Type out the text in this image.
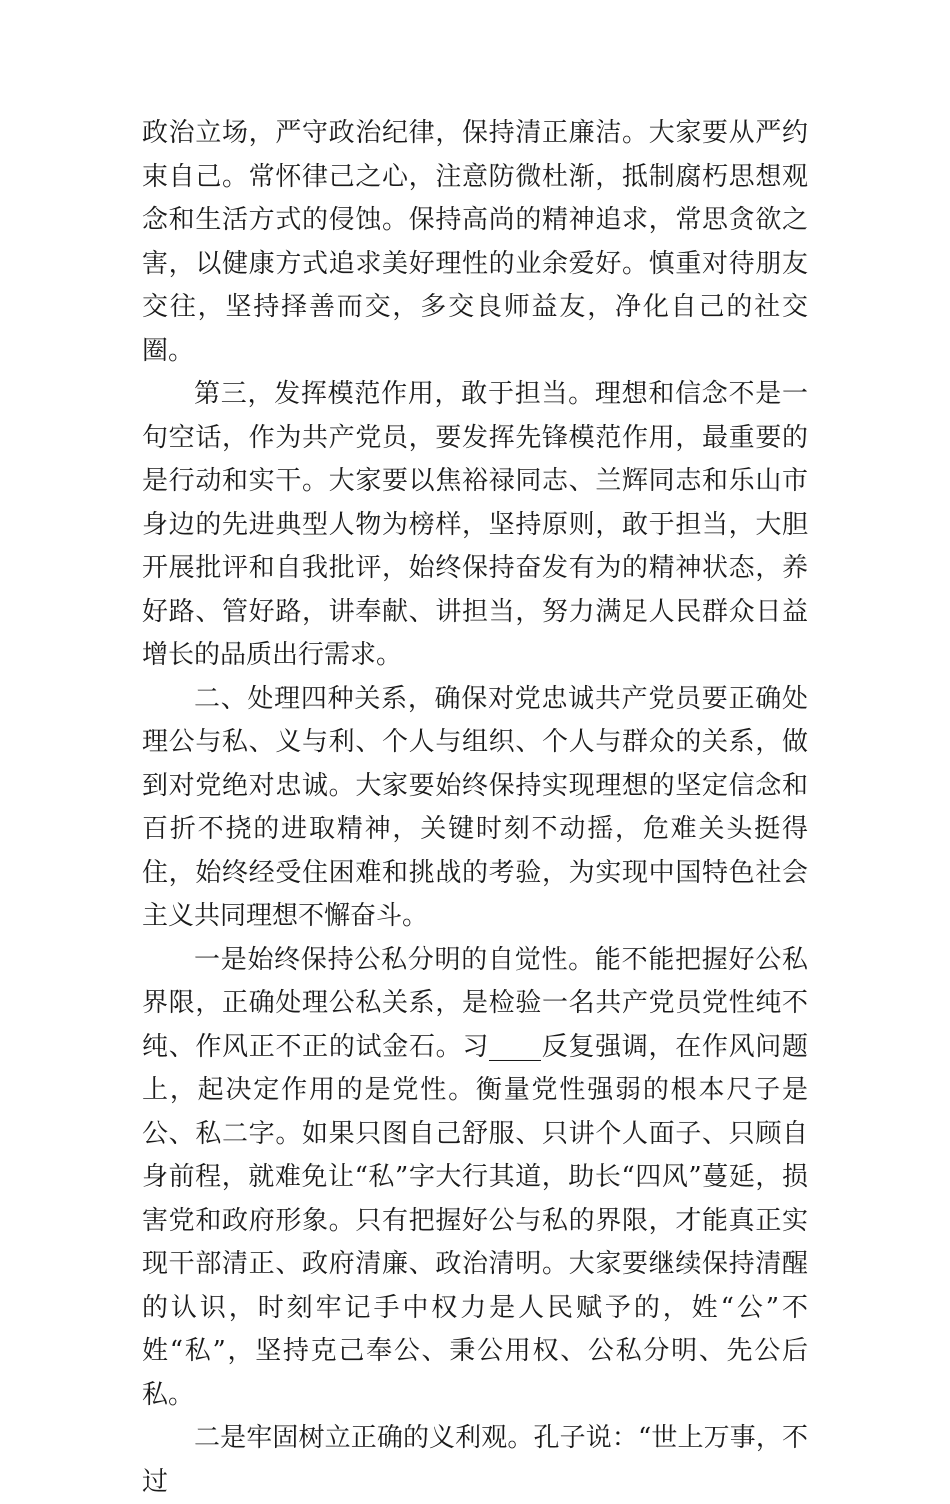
政治立场，严守政治纪律，保持清正廉洁。大家要从严约束自己。常怀律己之心，注意防微杜渐，抵制腐朽思想观念和生活方式的侵蚀。保持高尚的精神追求，常思贪欲之害，以健康方式追求美好理性的业余爱好。慎重对待朋友交往，坚持择善而交，多交良师益友，净化自己的社交圈。

第三，发挥模范作用，敢于担当。理想和信念不是一句空话，作为共产党员，要发挥先锋模范作用，最重要的是行动和实干。大家要以焦裕禄同志、兰辉同志和乐山市身边的先进典型人物为榜样，坚持原则，敢于担当，大胆开展批评和自我批评，始终保持奋发有为的精神状态，养好路、管好路，讲奉献、讲担当，努力满足人民群众日益增长的品质出行需求。

二、处理四种关系，确保对党忠诚共产党员要正确处理公与私、义与利、个人与组织、个人与群众的关系，做到对党绝对忠诚。大家要始终保持实现理想的坚定信念和百折不挠的进取精神，关键时刻不动摇，危难关头挺得住，始终经受住困难和挑战的考验，为实现中国特色社会主义共同理想不懈奋斗。

一是始终保持公私分明的自觉性。能不能把握好公私界限，正确处理公私关系，是检验一名共产党员党性纯不纯、作风正不正的试金石。习____反复强调，在作风问题上，起决定作用的是党性。衡量党性强弱的根本尺子是公、私二字。如果只图自己舒服、只讲个人面子、只顾自身前程，就难免让“私”字大行其道，助长“四风”蔓延，损害党和政府形象。只有把握好公与私的界限，才能真正实现干部清正、政府清廉、政治清明。大家要继续保持清醒的认识，时刻牢记手中权力是人民赋予的，姓“公”不姓“私”，坚持克己奉公、秉公用权、公私分明、先公后私。

二是牢固树立正确的义利观。孔子说：“世上万事，不过
